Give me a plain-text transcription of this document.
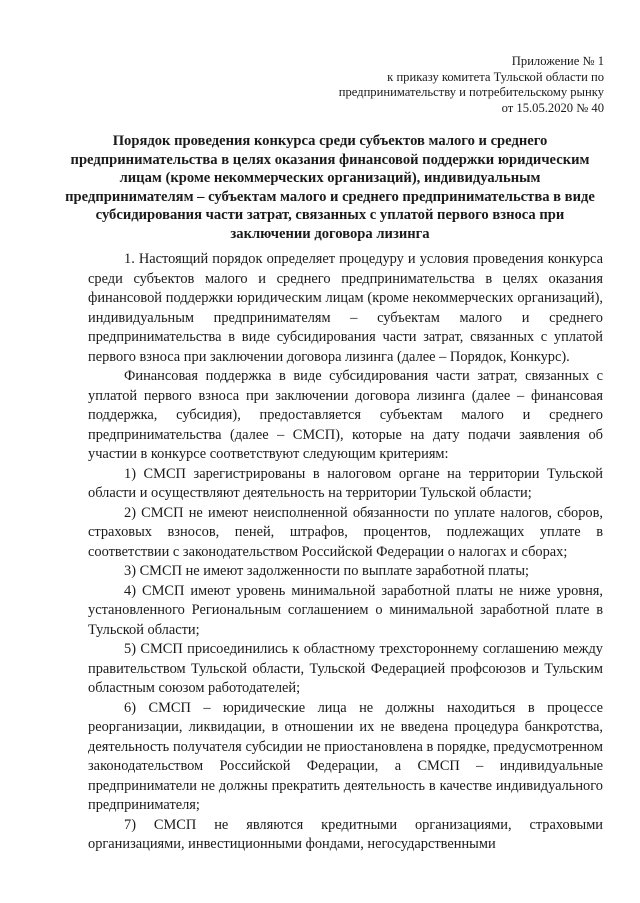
Приложение № 1
к приказу комитета Тульской области по
предпринимательству и потребительскому рынку
от 15.05.2020 № 40
Порядок проведения конкурса среди субъектов малого и среднего предпринимательства в целях оказания финансовой поддержки юридическим лицам (кроме некоммерческих организаций), индивидуальным предпринимателям – субъектам малого и среднего предпринимательства в виде субсидирования части затрат, связанных с уплатой первого взноса при заключении договора лизинга

1. Настоящий порядок определяет процедуру и условия проведения конкурса среди субъектов малого и среднего предпринимательства в целях оказания финансовой поддержки юридическим лицам (кроме некоммерческих организаций), индивидуальным предпринимателям – субъектам малого и среднего предпринимательства в виде субсидирования части затрат, связанных с уплатой первого взноса при заключении договора лизинга (далее – Порядок, Конкурс).

Финансовая поддержка в виде субсидирования части затрат, связанных с уплатой первого взноса при заключении договора лизинга (далее – финансовая поддержка, субсидия), предоставляется субъектам малого и среднего предпринимательства (далее – СМСП), которые на дату подачи заявления об участии в конкурсе соответствуют следующим критериям:

1) СМСП зарегистрированы в налоговом органе на территории Тульской области и осуществляют деятельность на территории Тульской области;

2) СМСП не имеют неисполненной обязанности по уплате налогов, сборов, страховых взносов, пеней, штрафов, процентов, подлежащих уплате в соответствии с законодательством Российской Федерации о налогах и сборах;

3) СМСП не имеют задолженности по выплате заработной платы;

4) СМСП имеют уровень минимальной заработной платы не ниже уровня, установленного Региональным соглашением о минимальной заработной плате в Тульской области;

5) СМСП присоединились к областному трехстороннему соглашению между правительством Тульской области, Тульской Федерацией профсоюзов и Тульским областным союзом работодателей;

6) СМСП – юридические лица не должны находиться в процессе реорганизации, ликвидации, в отношении их не введена процедура банкротства, деятельность получателя субсидии не приостановлена в порядке, предусмотренном законодательством Российской Федерации, а СМСП – индивидуальные предприниматели не должны прекратить деятельность в качестве индивидуального предпринимателя;

7) СМСП не являются кредитными организациями, страховыми организациями, инвестиционными фондами, негосударственными
